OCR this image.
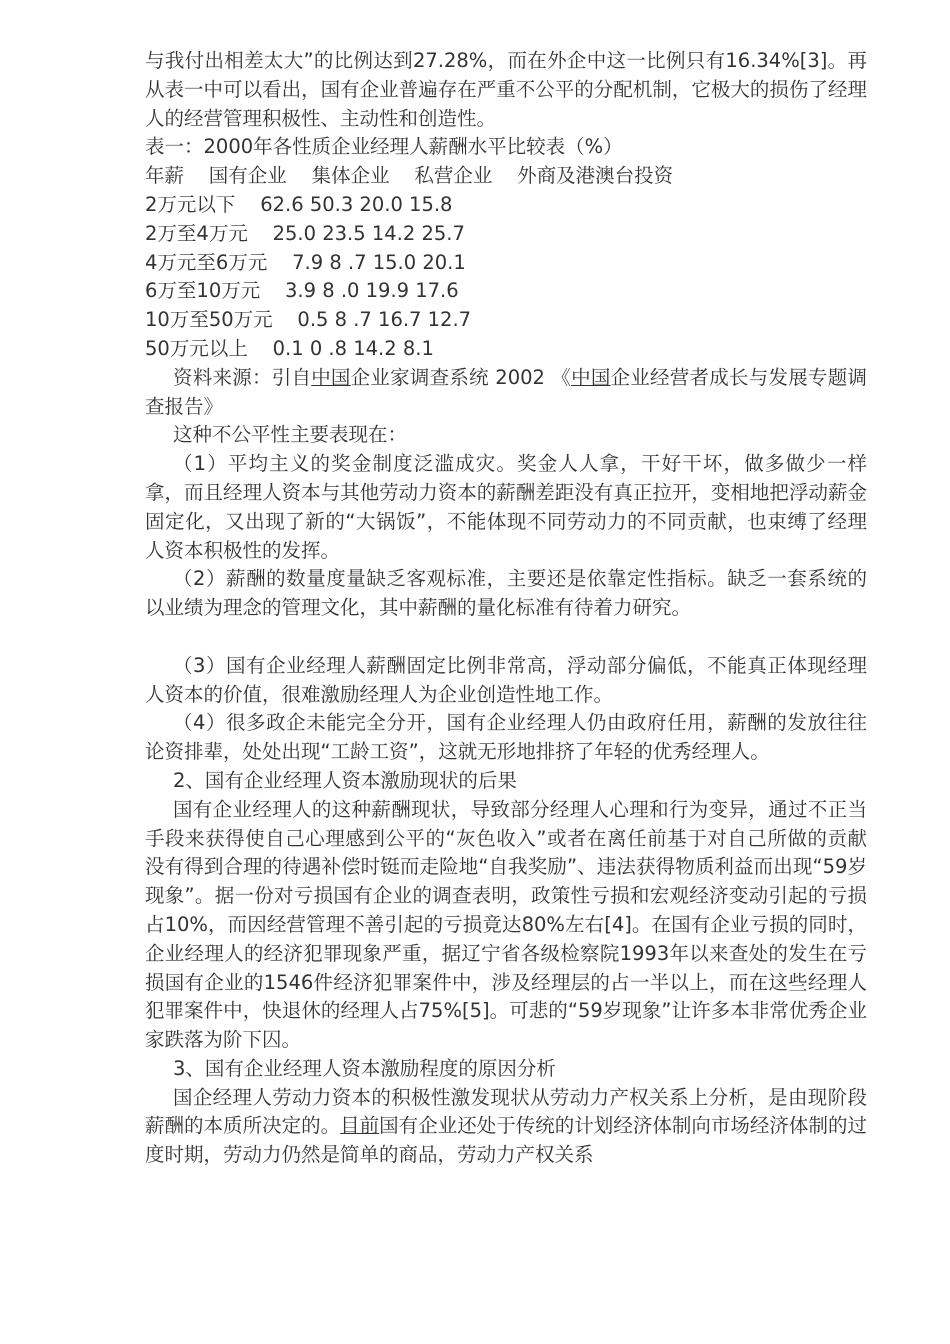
与我付出相差太大”的比例达到27.28%，而在外企中这一比例只有16.34%[3]。再从表一中可以看出，国有企业普遍存在严重不公平的分配机制，它极大的损伤了经理人的经营管理积极性、主动性和创造性。

表一：2000年各性质企业经理人薪酬水平比较表（%）

年薪    国有企业    集体企业    私营企业    外商及港澳台投资

2万元以下    62.6 50.3 20.0 15.8

2万至4万元    25.0 23.5 14.2 25.7

4万元至6万元    7.9 8 .7 15.0 20.1

6万至10万元    3.9 8 .0 19.9 17.6

10万至50万元    0.5 8 .7 16.7 12.7

50万元以上    0.1 0 .8 14.2 8.1

资料来源：引自中国企业家调查系统 2002 《中国企业经营者成长与发展专题调查报告》

这种不公平性主要表现在：

（1）平均主义的奖金制度泛滥成灾。奖金人人拿，干好干坏，做多做少一样拿，而且经理人资本与其他劳动力资本的薪酬差距没有真正拉开，变相地把浮动薪金固定化，又出现了新的“大锅饭”，不能体现不同劳动力的不同贡献，也束缚了经理人资本积极性的发挥。

（2）薪酬的数量度量缺乏客观标准，主要还是依靠定性指标。缺乏一套系统的以业绩为理念的管理文化，其中薪酬的量化标准有待着力研究。

（3）国有企业经理人薪酬固定比例非常高，浮动部分偏低，不能真正体现经理人资本的价值，很难激励经理人为企业创造性地工作。

（4）很多政企未能完全分开，国有企业经理人仍由政府任用，薪酬的发放往往论资排辈，处处出现“工龄工资”，这就无形地排挤了年轻的优秀经理人。

2、国有企业经理人资本激励现状的后果

国有企业经理人的这种薪酬现状，导致部分经理人心理和行为变异，通过不正当手段来获得使自己心理感到公平的“灰色收入”或者在离任前基于对自己所做的贡献没有得到合理的待遇补偿时铤而走险地“自我奖励”、违法获得物质利益而出现“59岁现象”。据一份对亏损国有企业的调查表明，政策性亏损和宏观经济变动引起的亏损占10%，而因经营管理不善引起的亏损竟达80%左右[4]。在国有企业亏损的同时，企业经理人的经济犯罪现象严重，据辽宁省各级检察院1993年以来查处的发生在亏损国有企业的1546件经济犯罪案件中，涉及经理层的占一半以上，而在这些经理人犯罪案件中，快退休的经理人占75%[5]。可悲的“59岁现象”让许多本非常优秀企业家跌落为阶下囚。

3、国有企业经理人资本激励程度的原因分析

国企经理人劳动力资本的积极性激发现状从劳动力产权关系上分析，是由现阶段薪酬的本质所决定的。目前国有企业还处于传统的计划经济体制向市场经济体制的过度时期，劳动力仍然是简单的商品，劳动力产权关系
